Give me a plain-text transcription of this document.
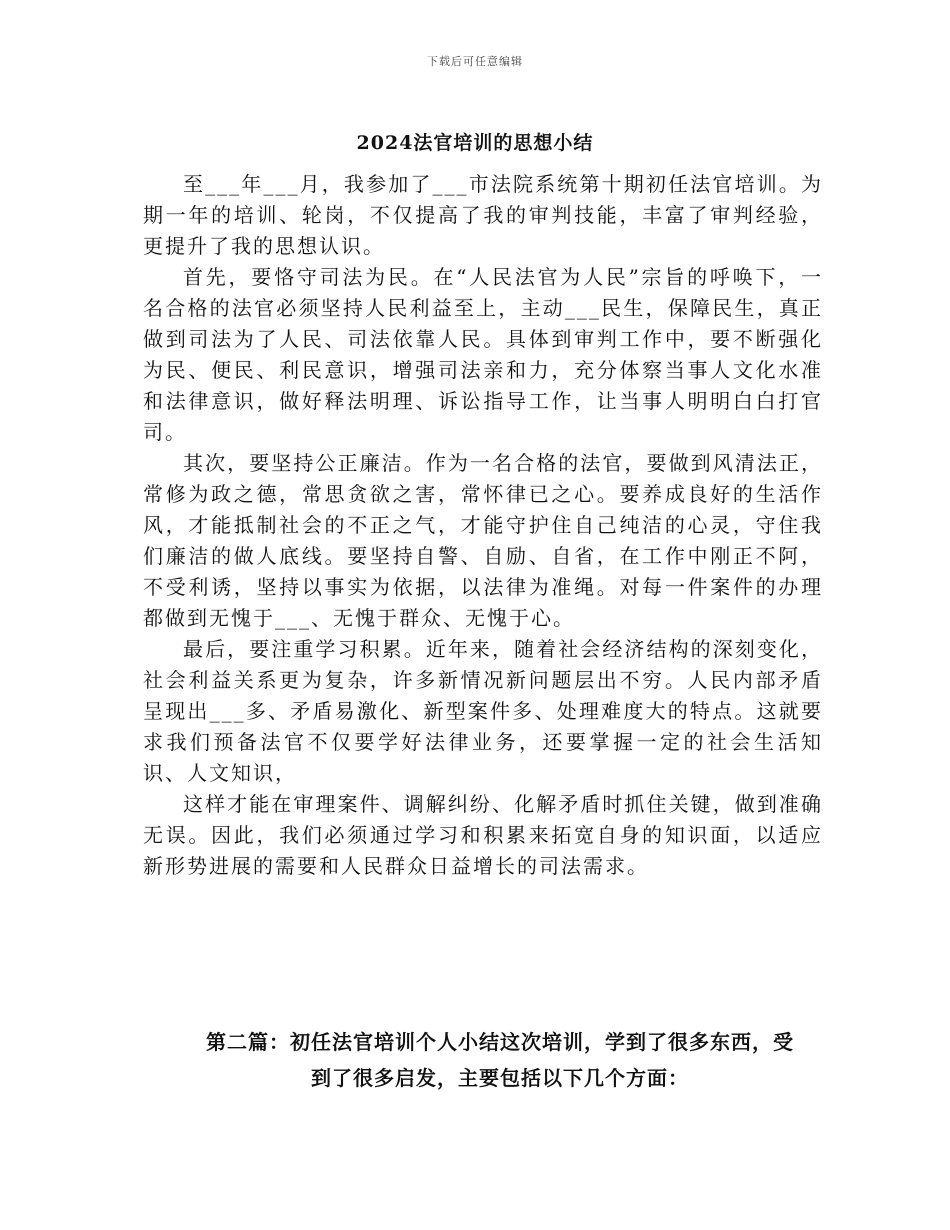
下载后可任意编辑
2024法官培训的思想小结

至___年___月，我参加了___市法院系统第十期初任法官培训。为期一年的培训、轮岗，不仅提高了我的审判技能，丰富了审判经验，更提升了我的思想认识。

首先，要恪守司法为民。在“人民法官为人民”宗旨的呼唤下，一名合格的法官必须坚持人民利益至上，主动___民生，保障民生，真正做到司法为了人民、司法依靠人民。具体到审判工作中，要不断强化为民、便民、利民意识，增强司法亲和力，充分体察当事人文化水准和法律意识，做好释法明理、诉讼指导工作，让当事人明明白白打官司。

其次，要坚持公正廉洁。作为一名合格的法官，要做到风清法正，常修为政之德，常思贪欲之害，常怀律已之心。要养成良好的生活作风，才能抵制社会的不正之气，才能守护住自己纯洁的心灵，守住我们廉洁的做人底线。要坚持自警、自励、自省，在工作中刚正不阿，不受利诱，坚持以事实为依据，以法律为准绳。对每一件案件的办理都做到无愧于___、无愧于群众、无愧于心。

最后，要注重学习积累。近年来，随着社会经济结构的深刻变化，社会利益关系更为复杂，许多新情况新问题层出不穷。人民内部矛盾呈现出___多、矛盾易激化、新型案件多、处理难度大的特点。这就要求我们预备法官不仅要学好法律业务，还要掌握一定的社会生活知识、人文知识，

这样才能在审理案件、调解纠纷、化解矛盾时抓住关键，做到准确无误。因此，我们必须通过学习和积累来拓宽自身的知识面，以适应新形势进展的需要和人民群众日益增长的司法需求。

第二篇：初任法官培训个人小结这次培训，学到了很多东西，受
到了很多启发，主要包括以下几个方面：
